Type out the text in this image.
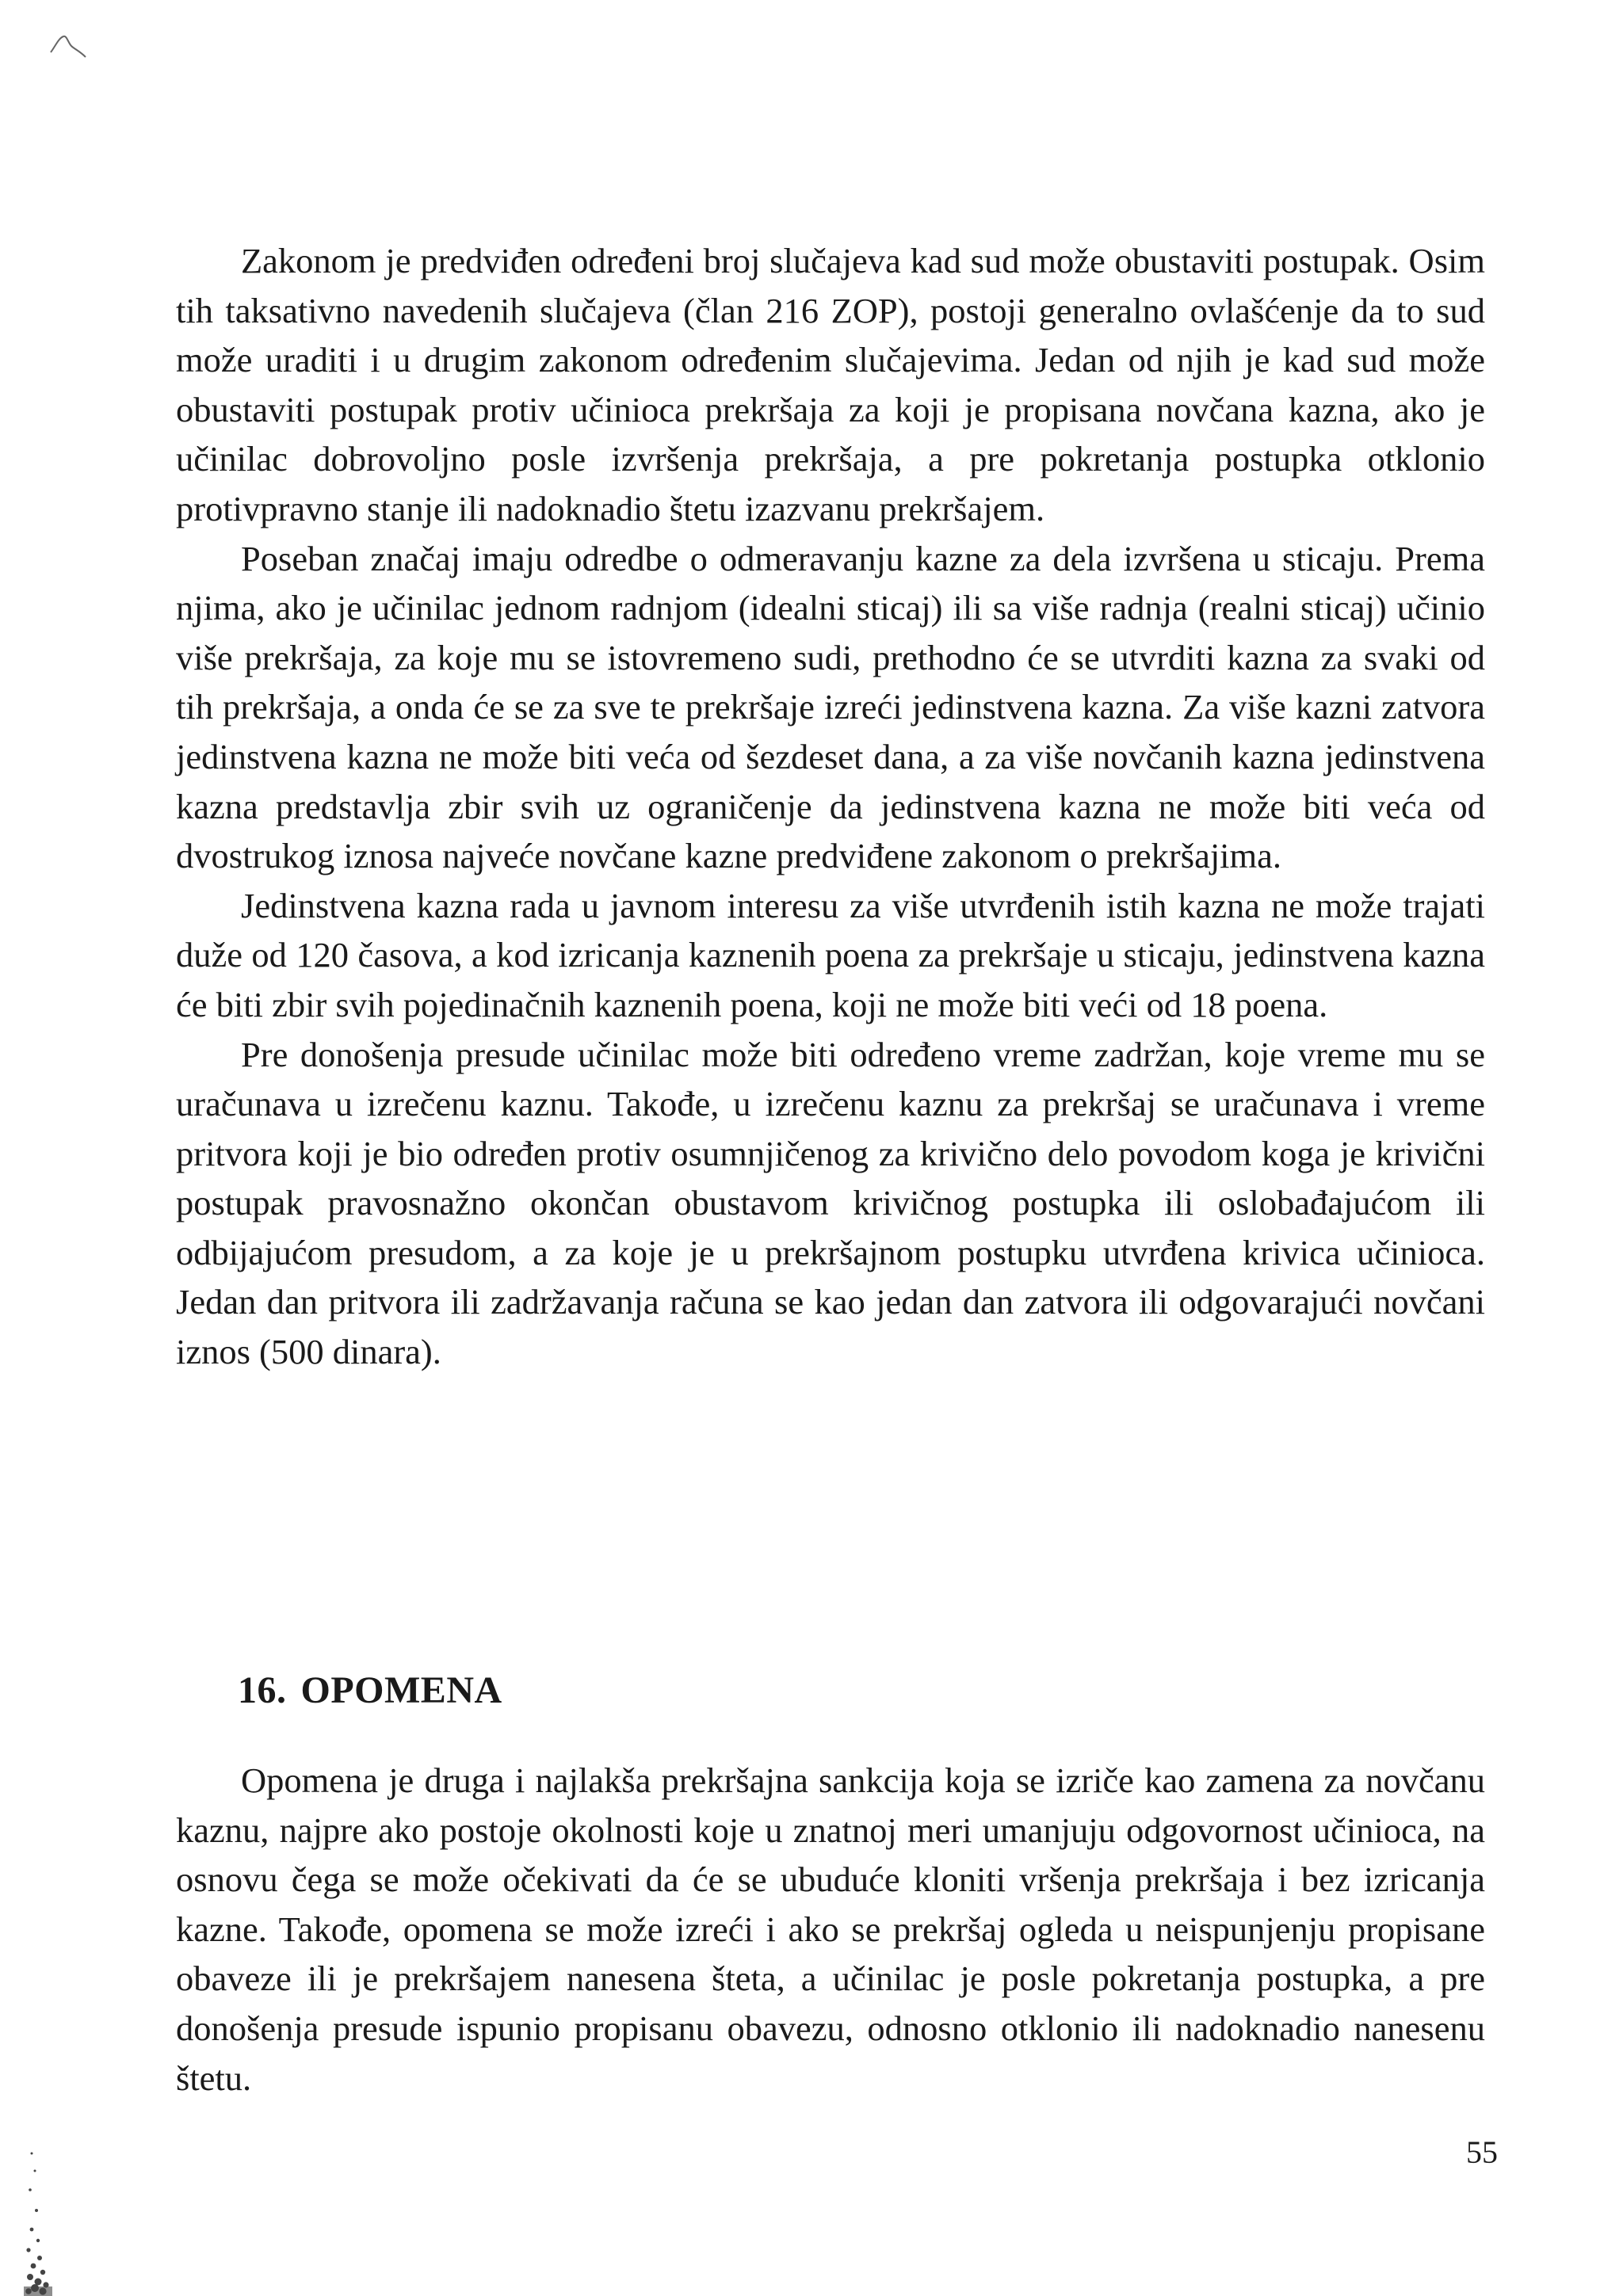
Zakonom je predviđen određeni broj slučajeva kad sud može obustaviti postupak. Osim tih taksativno navedenih slučajeva (član 216 ZOP), postoji generalno ovlašćenje da to sud može uraditi i u drugim zakonom određenim slučajevima. Jedan od njih je kad sud može obustaviti postupak protiv učinioca prekršaja za koji je propisana novčana kazna, ako je učinilac dobrovoljno posle izvršenja prekršaja, a pre pokretanja postupka otklonio protivpravno stanje ili nadoknadio štetu izazvanu prekršajem.

Poseban značaj imaju odredbe o odmeravanju kazne za dela izvršena u sticaju. Prema njima, ako je učinilac jednom radnjom (idealni sticaj) ili sa više radnja (realni sticaj) učinio više prekršaja, za koje mu se istovremeno sudi, prethodno će se utvrditi kazna za svaki od tih prekršaja, a onda će se za sve te prekršaje izreći jedinstvena kazna. Za više kazni zatvora jedinstvena kazna ne može biti veća od šezdeset dana, a za više novčanih kazna jedinstvena kazna predstavlja zbir svih uz ograničenje da jedinstvena kazna ne može biti veća od dvostrukog iznosa najveće novčane kazne predviđene zakonom o prekršajima.

Jedinstvena kazna rada u javnom interesu za više utvrđenih istih kazna ne može trajati duže od 120 časova, a kod izricanja kaznenih poena za prekršaje u sticaju, jedinstvena kazna će biti zbir svih pojedinačnih kaznenih poena, koji ne može biti veći od 18 poena.

Pre donošenja presude učinilac može biti određeno vreme zadržan, koje vreme mu se uračunava u izrečenu kaznu. Takođe, u izrečenu kaznu za prekršaj se uračunava i vreme pritvora koji je bio određen protiv osumnjičenog za krivično delo povodom koga je krivični postupak pravosnažno okončan obustavom krivičnog postupka ili oslobađajućom ili odbijajućom presudom, a za koje je u prekršajnom postupku utvrđena krivica učinioca. Jedan dan pritvora ili zadržavanja računa se kao jedan dan zatvora ili odgovarajući novčani iznos (500 dinara).

16. OPOMENA

Opomena je druga i najlakša prekršajna sankcija koja se izriče kao zamena za novčanu kaznu, najpre ako postoje okolnosti koje u znatnoj meri umanjuju odgovornost učinioca, na osnovu čega se može očekivati da će se ubuduće kloniti vršenja prekršaja i bez izricanja kazne. Takođe, opomena se može izreći i ako se prekršaj ogleda u neispunjenju propisane obaveze ili je prekršajem nanesena šteta, a učinilac je posle pokretanja postupka, a pre donošenja presude ispunio propisanu obavezu, odnosno otklonio ili nadoknadio nanesenu štetu.

55
